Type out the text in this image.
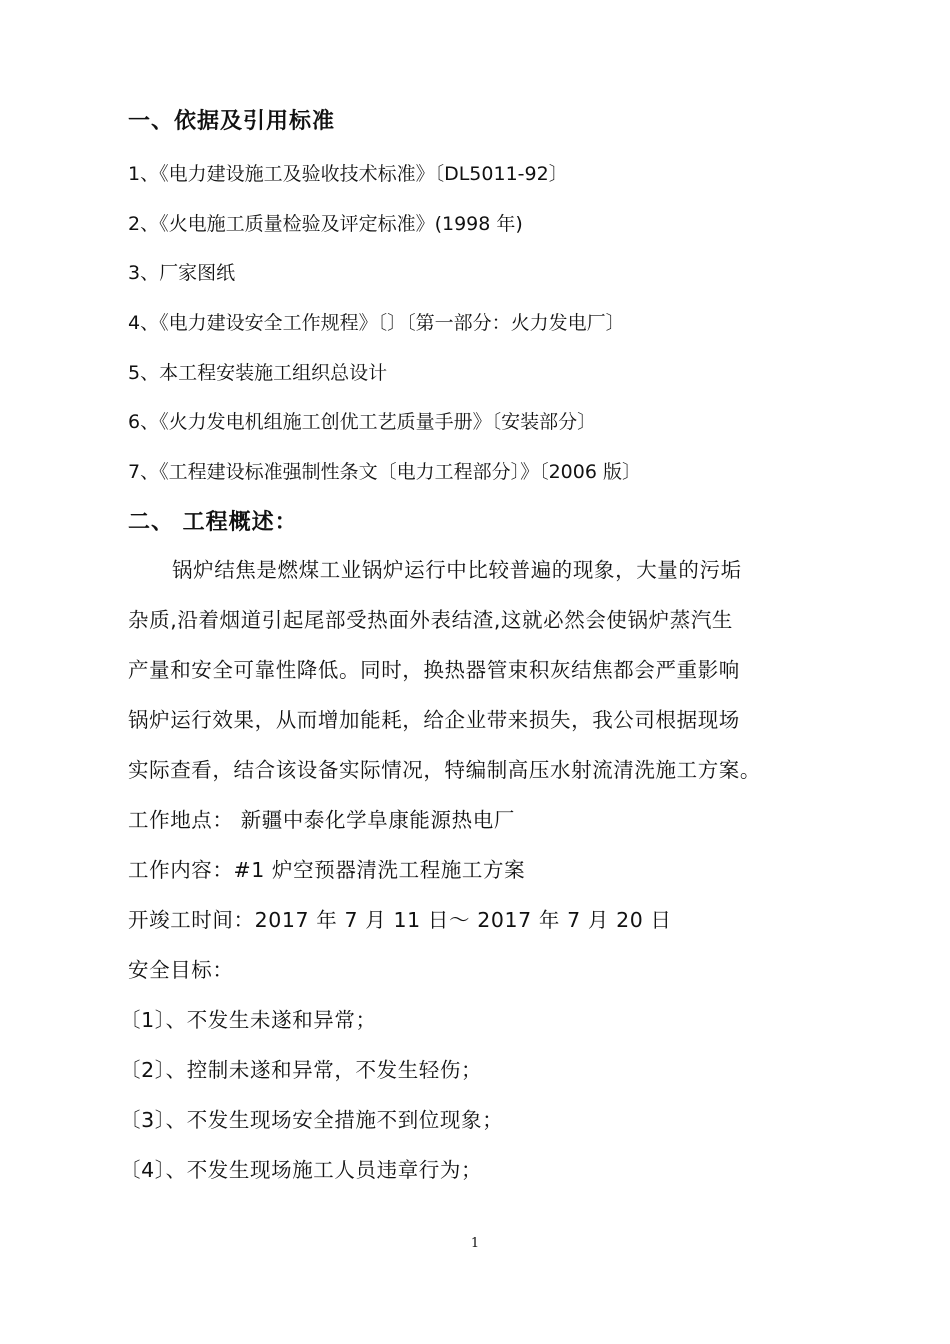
一、依据及引用标准
1、《电力建设施工及验收技术标准》〔DL5011-92〕
2、《火电施工质量检验及评定标准》(1998 年)
3、厂家图纸
4、《电力建设安全工作规程》〔〕〔第一部分：火力发电厂〕
5、本工程安装施工组织总设计
6、《火力发电机组施工创优工艺质量手册》〔安装部分〕
7、《工程建设标准强制性条文〔电力工程部分〕》〔2006 版〕
二、 工程概述：
锅炉结焦是燃煤工业锅炉运行中比较普遍的现象，大量的污垢
杂质,沿着烟道引起尾部受热面外表结渣,这就必然会使锅炉蒸汽生
产量和安全可靠性降低。同时，换热器管束积灰结焦都会严重影响
锅炉运行效果，从而增加能耗，给企业带来损失，我公司根据现场
实际查看，结合该设备实际情况，特编制高压水射流清洗施工方案。
工作地点： 新疆中泰化学阜康能源热电厂
工作内容：#1 炉空预器清洗工程施工方案
开竣工时间：2017 年 7 月 11 日～ 2017 年 7 月 20 日
安全目标：
〔1〕、不发生未遂和异常；
〔2〕、控制未遂和异常，不发生轻伤；
〔3〕、不发生现场安全措施不到位现象；
〔4〕、不发生现场施工人员违章行为；
1
